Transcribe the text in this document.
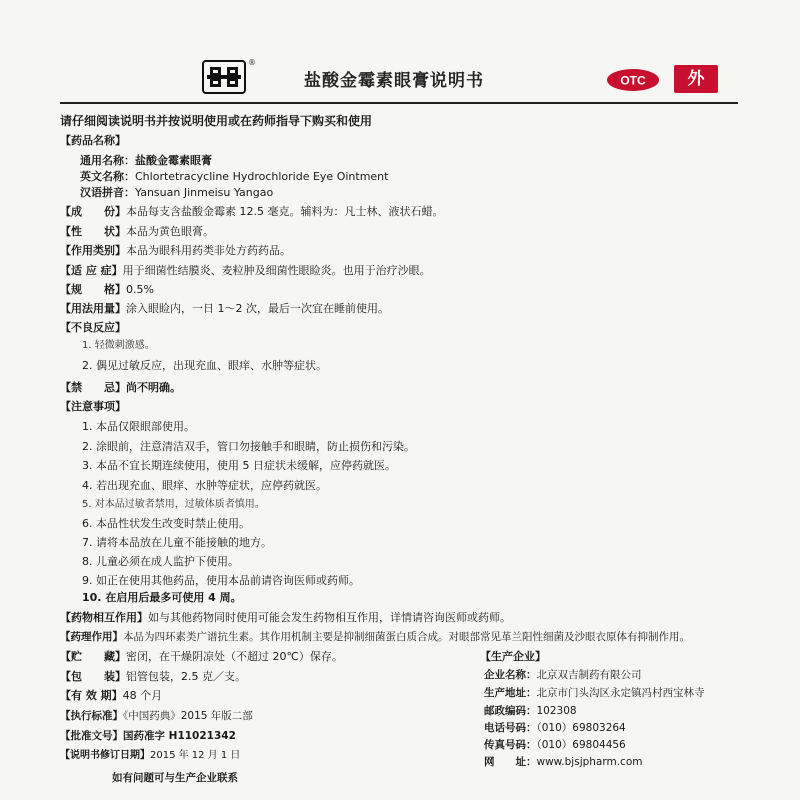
®
盐酸金霉素眼膏说明书	OTC	外
请仔细阅读说明书并按说明使用或在药师指导下购买和使用
【药品名称】
通用名称：盐酸金霉素眼膏
英文名称：Chlortetracycline Hydrochloride Eye Ointment
汉语拼音：Yansuan Jinmeisu Yangao
【成　　份】本品每支含盐酸金霉素 12.5 毫克。辅料为：凡士林、液状石蜡。
【性　　状】本品为黄色眼膏。
【作用类别】本品为眼科用药类非处方药药品。
【适 应 症】用于细菌性结膜炎、麦粒肿及细菌性眼睑炎。也用于治疗沙眼。
【规　　格】0.5%
【用法用量】涂入眼睑内，一日 1～2 次，最后一次宜在睡前使用。
【不良反应】
1. 轻微刺激感。
2. 偶见过敏反应，出现充血、眼痒、水肿等症状。
【禁　　忌】尚不明确。
【注意事项】
1. 本品仅限眼部使用。
2. 涂眼前，注意清洁双手，管口勿接触手和眼睛，防止损伤和污染。
3. 本品不宜长期连续使用，使用 5 日症状未缓解，应停药就医。
4. 若出现充血、眼痒、水肿等症状，应停药就医。
5. 对本品过敏者禁用，过敏体质者慎用。
6. 本品性状发生改变时禁止使用。
7. 请将本品放在儿童不能接触的地方。
8. 儿童必须在成人监护下使用。
9. 如正在使用其他药品，使用本品前请咨询医师或药师。
10. 在启用后最多可使用 4 周。
【药物相互作用】如与其他药物同时使用可能会发生药物相互作用，详情请咨询医师或药师。
【药理作用】本品为四环素类广谱抗生素。其作用机制主要是抑制细菌蛋白质合成。对眼部常见革兰阳性细菌及沙眼衣原体有抑制作用。
【贮　　藏】密闭，在干燥阴凉处（不超过 20℃）保存。
【包　　装】铝管包装，2.5 克／支。
【有 效 期】48 个月
【执行标准】《中国药典》2015 年版二部
【批准文号】国药准字 H11021342
【说明书修订日期】2015 年 12 月 1 日
如有问题可与生产企业联系
【生产企业】
企业名称：北京双吉制药有限公司
生产地址：北京市门头沟区永定镇冯村西宝林寺
邮政编码：102308
电话号码：（010）69803264
传真号码：（010）69804456
网　　址：www.bjsjpharm.com
